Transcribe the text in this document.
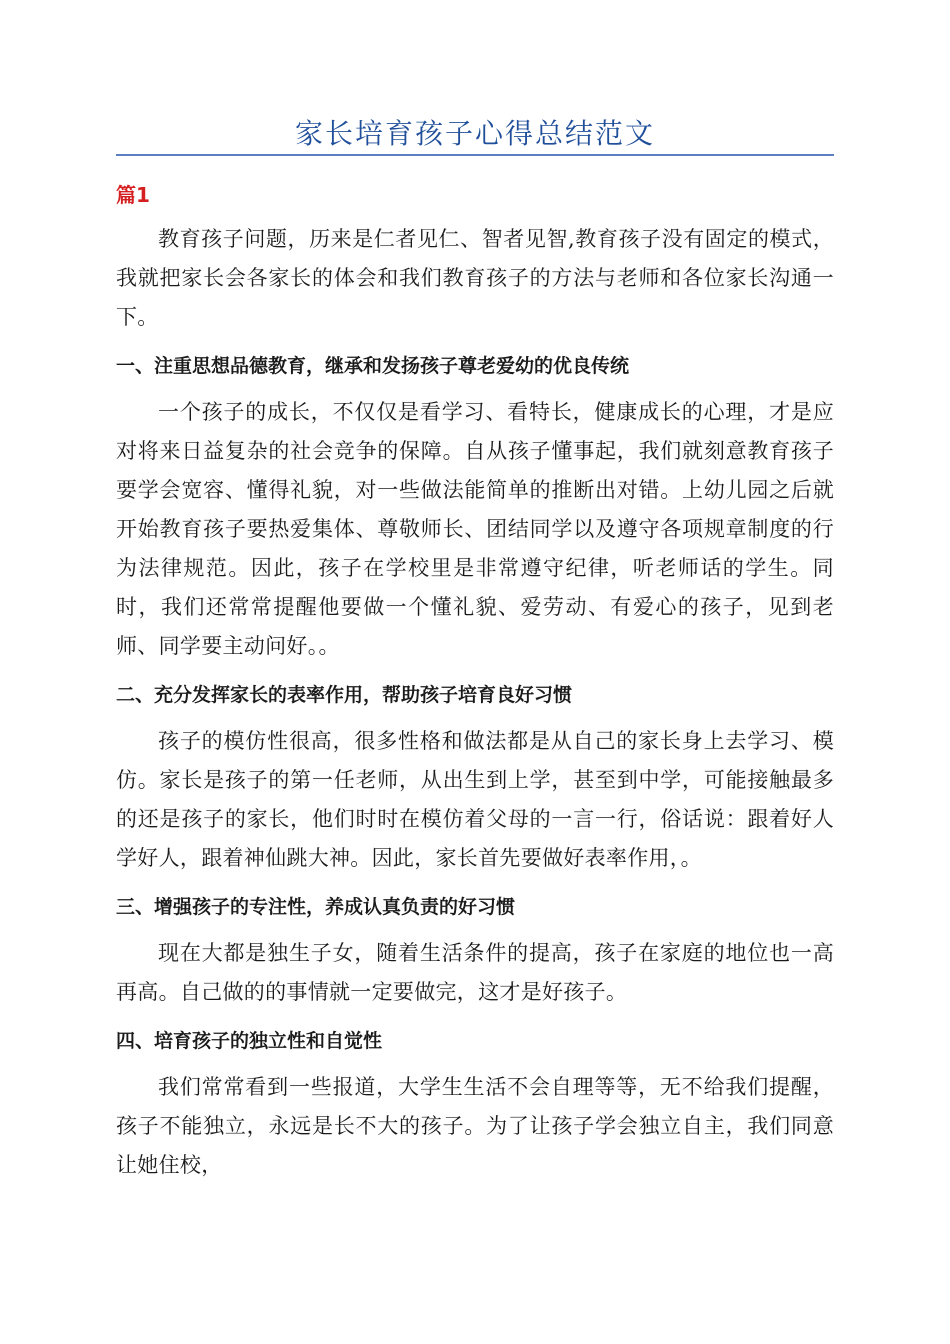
家长培育孩子心得总结范文
篇1

教育孩子问题，历来是仁者见仁、智者见智,教育孩子没有固定的模式，我就把家长会各家长的体会和我们教育孩子的方法与老师和各位家长沟通一下。

一、注重思想品德教育，继承和发扬孩子尊老爱幼的优良传统

一个孩子的成长，不仅仅是看学习、看特长，健康成长的心理，才是应对将来日益复杂的社会竞争的保障。自从孩子懂事起，我们就刻意教育孩子要学会宽容、懂得礼貌，对一些做法能简单的推断出对错。上幼儿园之后就开始教育孩子要热爱集体、尊敬师长、团结同学以及遵守各项规章制度的行为法律规范。因此，孩子在学校里是非常遵守纪律，听老师话的学生。同时，我们还常常提醒他要做一个懂礼貌、爱劳动、有爱心的孩子，见到老师、同学要主动问好。。

二、充分发挥家长的表率作用，帮助孩子培育良好习惯

孩子的模仿性很高，很多性格和做法都是从自己的家长身上去学习、模仿。家长是孩子的第一任老师，从出生到上学，甚至到中学，可能接触最多的还是孩子的家长，他们时时在模仿着父母的一言一行，俗话说：跟着好人学好人，跟着神仙跳大神。因此，家长首先要做好表率作用，。

三、增强孩子的专注性，养成认真负责的好习惯

现在大都是独生子女，随着生活条件的提高，孩子在家庭的地位也一高再高。自己做的的事情就一定要做完，这才是好孩子。

四、培育孩子的独立性和自觉性

我们常常看到一些报道，大学生生活不会自理等等，无不给我们提醒，孩子不能独立，永远是长不大的孩子。为了让孩子学会独立自主，我们同意让她住校，
